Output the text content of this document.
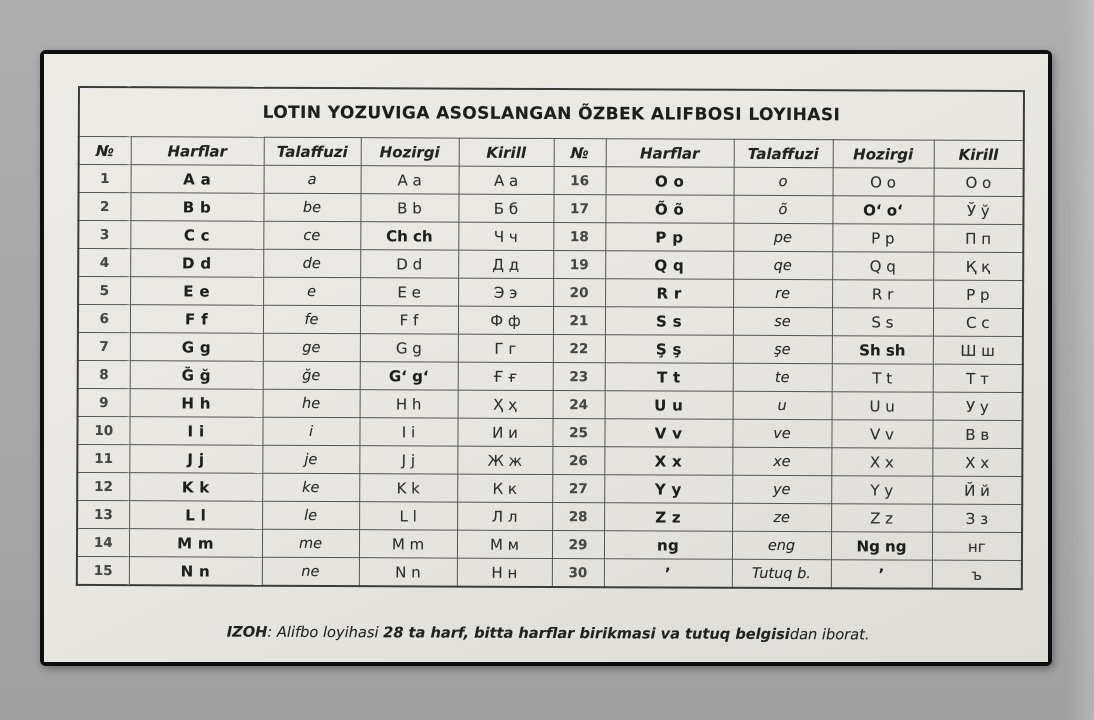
LOTIN YOZUVIGA ASOSLANGAN ÕZBEK ALIFBOSI LOYIHASI									
№	Harflar	Talaffuzi	Hozirgi	Kirill	№	Harflar	Talaffuzi	Hozirgi	Kirill
1	A a	a	A a	А а	16	O o	o	O o	О о
2	B b	be	B b	Б б	17	Õ õ	õ	Oʻ oʻ	Ў ў
3	C c	ce	Ch ch	Ч ч	18	P p	pe	P p	П п
4	D d	de	D d	Д д	19	Q q	qe	Q q	Қ қ
5	E e	e	E e	Э э	20	R r	re	R r	Р р
6	F f	fe	F f	Ф ф	21	S s	se	S s	С с
7	G g	ge	G g	Г г	22	Ş ş	şe	Sh sh	Ш ш
8	Ğ ğ	ğe	Gʻ gʻ	Ғ ғ	23	T t	te	T t	Т т
9	H h	he	H h	Ҳ ҳ	24	U u	u	U u	У у
10	I i	i	I i	И и	25	V v	ve	V v	В в
11	J j	je	J j	Ж ж	26	X x	xe	X x	Х х
12	K k	ke	K k	К к	27	Y y	ye	Y y	Й й
13	L l	le	L l	Л л	28	Z z	ze	Z z	З з
14	M m	me	M m	М м	29	ng	eng	Ng ng	нг
15	N n	ne	N n	Н н	30	’	Tutuq b.	’	ъ

IZOH: Alifbo loyihasi 28 ta harf, bitta harflar birikmasi va tutuq belgisidan iborat.
